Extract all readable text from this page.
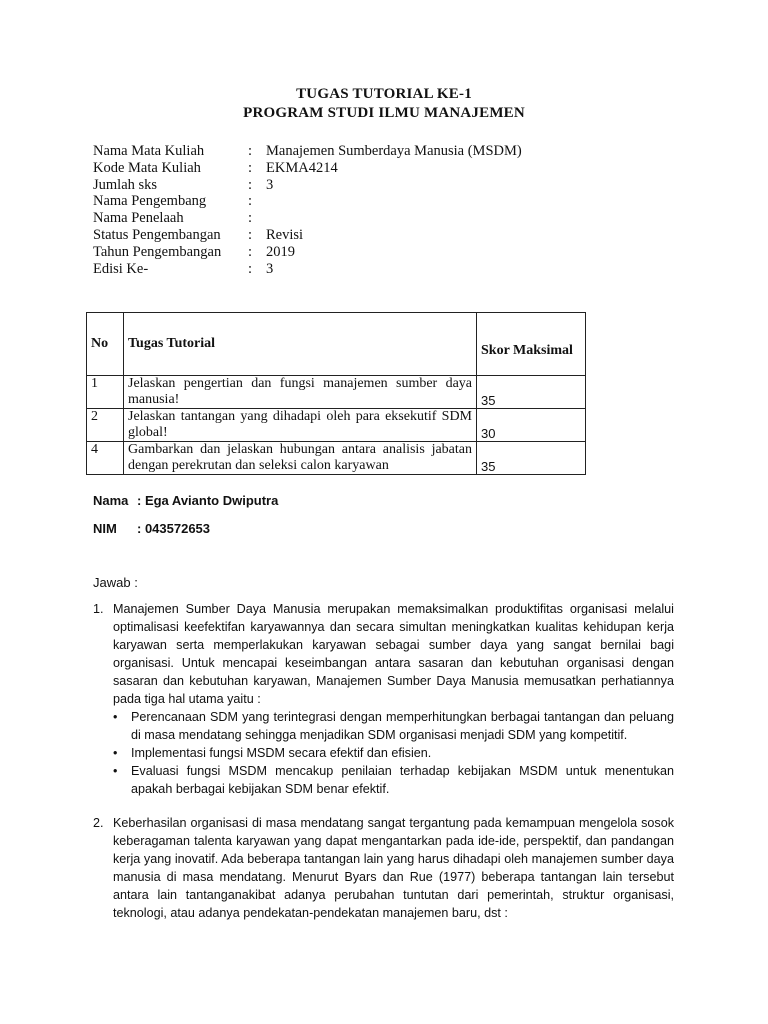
TUGAS TUTORIAL KE-1
PROGRAM STUDI ILMU MANAJEMEN
Nama Mata Kuliah	: Manajemen Sumberdaya Manusia (MSDM)
Kode Mata Kuliah	: EKMA4214
Jumlah sks	: 3
Nama Pengembang	:
Nama Penelaah	:
Status Pengembangan	: Revisi
Tahun Pengembangan	: 2019
Edisi Ke-	: 3
No	Tugas Tutorial	Skor Maksimal
1	Jelaskan pengertian dan fungsi manajemen sumber daya manusia!	35
2	Jelaskan tantangan yang dihadapi oleh para eksekutif SDM global!	30
4	Gambarkan dan jelaskan hubungan antara analisis jabatan dengan perekrutan dan seleksi calon karyawan	35
Nama : Ega Avianto Dwiputra
NIM : 043572653
Jawab :
1. Manajemen Sumber Daya Manusia merupakan memaksimalkan produktifitas organisasi melalui optimalisasi keefektifan karyawannya dan secara simultan meningkatkan kualitas kehidupan kerja karyawan serta memperlakukan karyawan sebagai sumber daya yang sangat bernilai bagi organisasi. Untuk mencapai keseimbangan antara sasaran dan kebutuhan organisasi dengan sasaran dan kebutuhan karyawan, Manajemen Sumber Daya Manusia memusatkan perhatiannya pada tiga hal utama yaitu :
•	Perencanaan SDM yang terintegrasi dengan memperhitungkan berbagai tantangan dan peluang di masa mendatang sehingga menjadikan SDM organisasi menjadi SDM yang kompetitif.
•	Implementasi fungsi MSDM secara efektif dan efisien.
•	Evaluasi fungsi MSDM mencakup penilaian terhadap kebijakan MSDM untuk menentukan apakah berbagai kebijakan SDM benar efektif.
2. Keberhasilan organisasi di masa mendatang sangat tergantung pada kemampuan mengelola sosok keberagaman talenta karyawan yang dapat mengantarkan pada ide-ide, perspektif, dan pandangan kerja yang inovatif. Ada beberapa tantangan lain yang harus dihadapi oleh manajemen sumber daya manusia di masa mendatang. Menurut Byars dan Rue (1977) beberapa tantangan lain tersebut antara lain tantanganakibat adanya perubahan tuntutan dari pemerintah, struktur organisasi, teknologi, atau adanya pendekatan-pendekatan manajemen baru, dst :
